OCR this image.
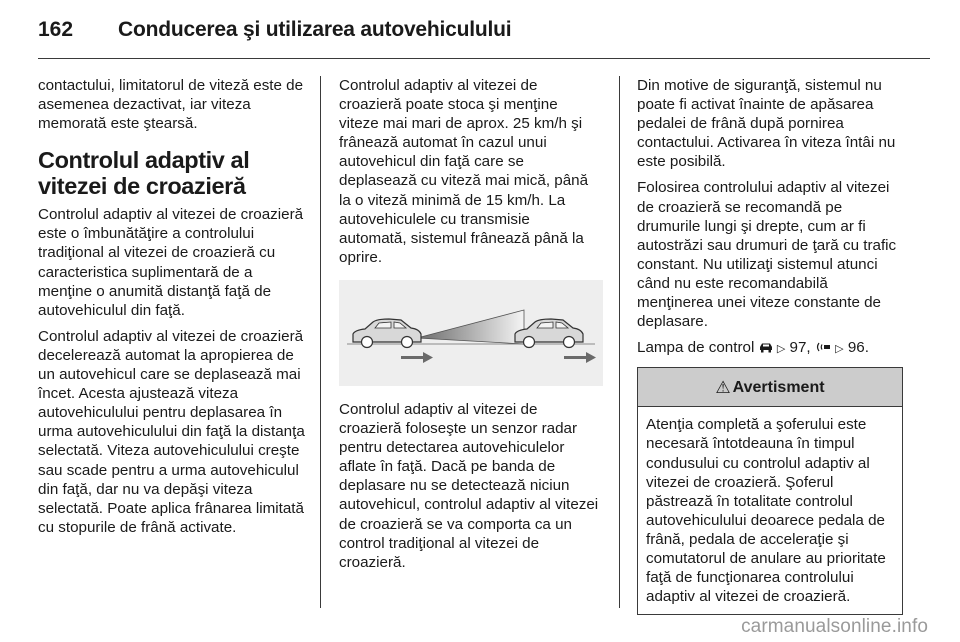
162 Conducerea şi utilizarea autovehiculului

contactului, limitatorul de viteză este de asemenea dezactivat, iar viteza memorată este ştearsă.

Controlul adaptiv al vitezei de croazieră

Controlul adaptiv al vitezei de croazieră este o îmbunătăţire a controlului tradiţional al vitezei de croazieră cu caracteristica suplimentară de a menţine o anumită distanţă faţă de autovehiculul din faţă.

Controlul adaptiv al vitezei de croazieră decelerează automat la apropierea de un autovehicul care se deplasează mai încet. Acesta ajustează viteza autovehiculului pentru deplasarea în urma autovehiculului din faţă la distanţa selectată. Viteza autovehiculului creşte sau scade pentru a urma autovehiculul din faţă, dar nu va depăşi viteza selectată. Poate aplica frânarea limitată cu stopurile de frână activate.

Controlul adaptiv al vitezei de croazieră poate stoca şi menţine viteze mai mari de aprox. 25 km/h şi frânează automat în cazul unui autovehicul din faţă care se deplasează cu viteză mai mică, până la o viteză minimă de 15 km/h. La autovehiculele cu transmisie automată, sistemul frânează până la oprire.

Controlul adaptiv al vitezei de croazieră foloseşte un senzor radar pentru detectarea autovehiculelor aflate în faţă. Dacă pe banda de deplasare nu se detectează niciun autovehicul, controlul adaptiv al vitezei de croazieră se va comporta ca un control tradiţional al vitezei de croazieră.

Din motive de siguranţă, sistemul nu poate fi activat înainte de apăsarea pedalei de frână după pornirea contactului. Activarea în viteza întâi nu este posibilă.

Folosirea controlului adaptiv al vitezei de croazieră se recomandă pe drumurile lungi şi drepte, cum ar fi autostrăzi sau drumuri de ţară cu trafic constant. Nu utilizaţi sistemul atunci când nu este recomandabilă menţinerea unei viteze constante de deplasare.

Lampa de control ▷ 97, ▷ 96.

⚠ Avertisment
Atenţia completă a şoferului este necesară întotdeauna în timpul condusului cu controlul adaptiv al vitezei de croazieră. Şoferul păstrează în totalitate controlul autovehiculului deoarece pedala de frână, pedala de acceleraţie şi comutatorul de anulare au prioritate faţă de funcţionarea controlului adaptiv al vitezei de croazieră.
carmanualsonline.info
